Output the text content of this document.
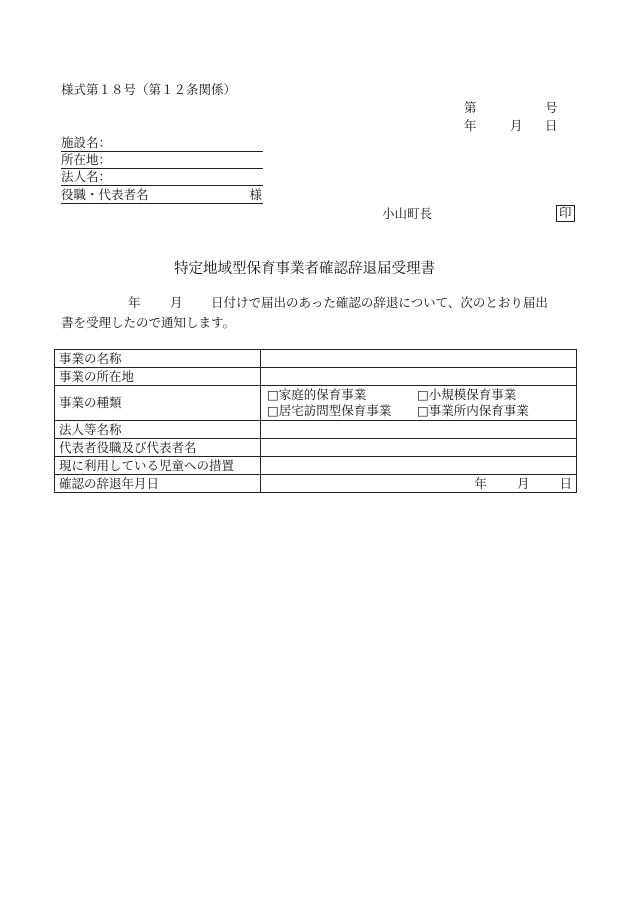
様式第１８号（第１２条関係）
第	号
年	月 日
施設名：
所在地：
法人名：
役職・代表者名	様
小山町長	印
特定地域型保育事業者確認辞退届受理書
年 月 日付けで届出のあった確認の辞退について、次のとおり届出
書を受理したので通知します。
事業の名称	
事業の所在地	
事業の種類	□家庭的保育事業 □小規模保育事業
□居宅訪問型保育事業 □事業所内保育事業

法人等名称	
代表者役職及び代表者名	
現に利用している児童への措置	
確認の辞退年月日	年 月 日
